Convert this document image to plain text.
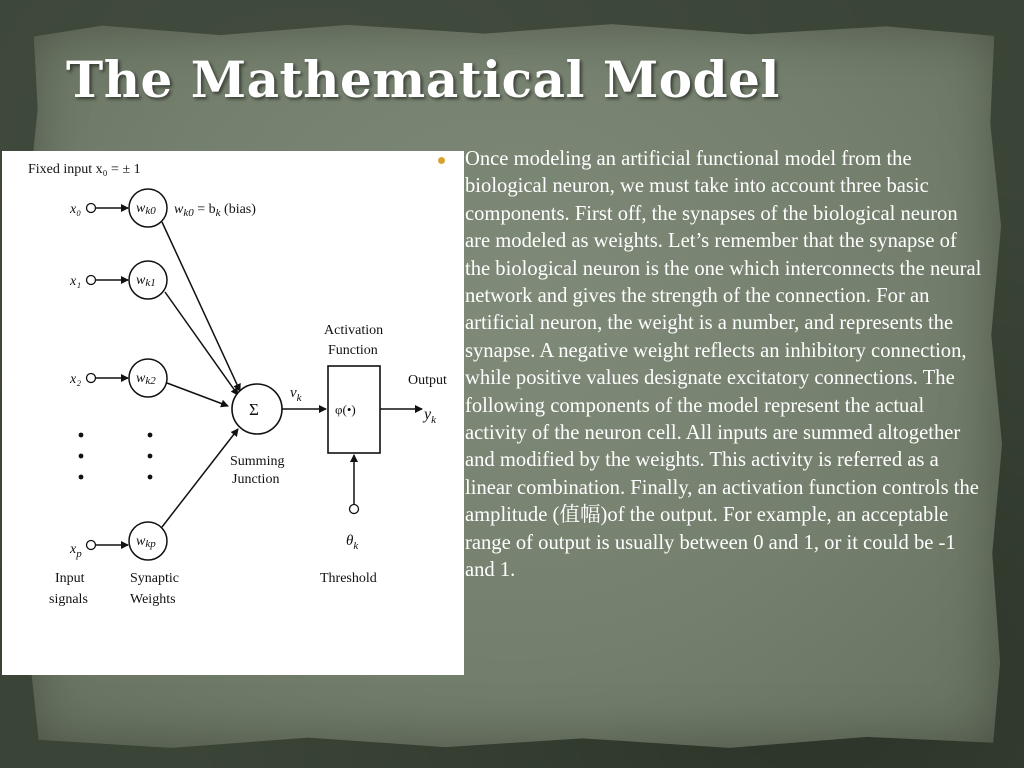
The Mathematical Model
Fixed input x₀ = ± 1
x₀
x₁
x₂
$x_p$
wk0
wk1
wk2
wkp
$w_{k0} = b_k$ (bias)
Σ
Summing
Junction
$v_k$
Activation
Function
φ(•)
Output
$y_k$
$\theta_k$
Threshold
Input
signals
Synaptic
Weights

Once modeling an artificial functional model from the biological neuron, we must take into account three basic components. First off, the synapses of the biological neuron are modeled as weights. Let’s remember that the synapse of the biological neuron is the one which interconnects the neural network and gives the strength of the connection. For an artificial neuron, the weight is a number, and represents the synapse. A negative weight reflects an inhibitory connection, while positive values designate excitatory connections. The following components of the model represent the actual activity of the neuron cell. All inputs are summed altogether and modified by the weights. This activity is referred as a linear combination. Finally, an activation function controls the amplitude (值幅)of the output. For example, an acceptable range of output is usually between 0 and 1, or it could be -1 and 1.
